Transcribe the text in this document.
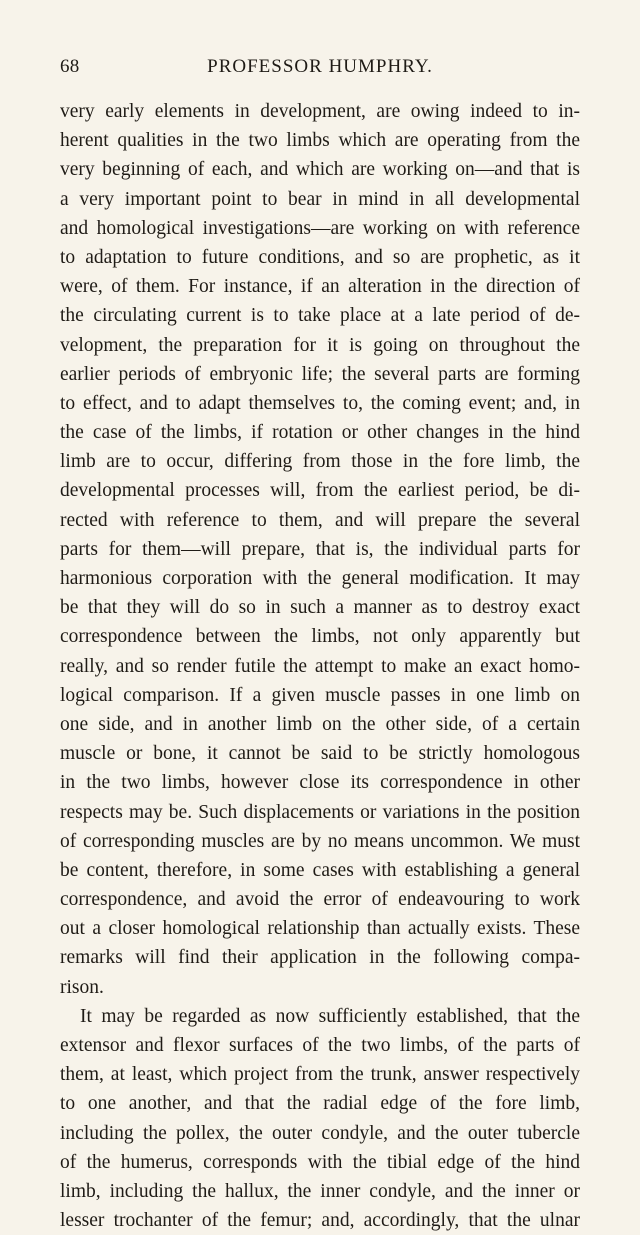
68	PROFESSOR HUMPHRY.
very early elements in development, are owing indeed to in-
herent qualities in the two limbs which are operating from the
very beginning of each, and which are working on—and that is
a very important point to bear in mind in all developmental
and homological investigations—are working on with reference
to adaptation to future conditions, and so are prophetic, as it
were, of them. For instance, if an alteration in the direction of
the circulating current is to take place at a late period of de-
velopment, the preparation for it is going on throughout the
earlier periods of embryonic life; the several parts are forming
to effect, and to adapt themselves to, the coming event; and, in
the case of the limbs, if rotation or other changes in the hind
limb are to occur, differing from those in the fore limb, the
developmental processes will, from the earliest period, be di-
rected with reference to them, and will prepare the several
parts for them—will prepare, that is, the individual parts for
harmonious corporation with the general modification. It may
be that they will do so in such a manner as to destroy exact
correspondence between the limbs, not only apparently but
really, and so render futile the attempt to make an exact homo-
logical comparison. If a given muscle passes in one limb on
one side, and in another limb on the other side, of a certain
muscle or bone, it cannot be said to be strictly homologous
in the two limbs, however close its correspondence in other
respects may be. Such displacements or variations in the position
of corresponding muscles are by no means uncommon. We must
be content, therefore, in some cases with establishing a general
correspondence, and avoid the error of endeavouring to work
out a closer homological relationship than actually exists. These
remarks will find their application in the following compa-
rison.
It may be regarded as now sufficiently established, that the
extensor and flexor surfaces of the two limbs, of the parts of
them, at least, which project from the trunk, answer respectively
to one another, and that the radial edge of the fore limb,
including the pollex, the outer condyle, and the outer tubercle
of the humerus, corresponds with the tibial edge of the hind
limb, including the hallux, the inner condyle, and the inner or
lesser trochanter of the femur; and, accordingly, that the ulnar
